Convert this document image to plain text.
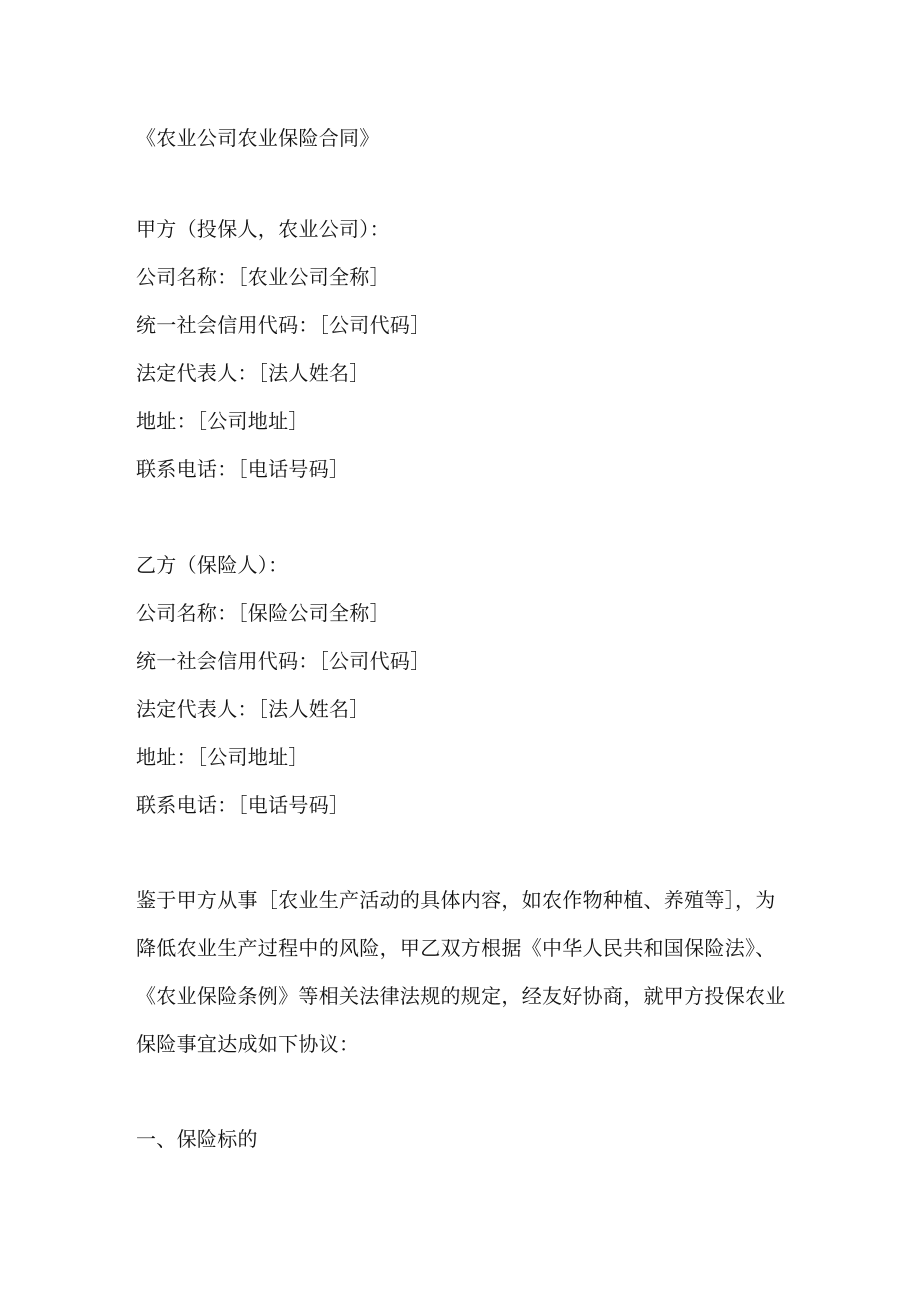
《农业公司农业保险合同》
甲方（投保人，农业公司）：
公司名称：［农业公司全称］
统一社会信用代码：［公司代码］
法定代表人：［法人姓名］
地址：［公司地址］
联系电话：［电话号码］
乙方（保险人）：
公司名称：［保险公司全称］
统一社会信用代码：［公司代码］
法定代表人：［法人姓名］
地址：［公司地址］
联系电话：［电话号码］
鉴于甲方从事［农业生产活动的具体内容，如农作物种植、养殖等］，为
降低农业生产过程中的风险，甲乙双方根据《中华人民共和国保险法》、
《农业保险条例》等相关法律法规的规定，经友好协商，就甲方投保农业
保险事宜达成如下协议：
一、保险标的
